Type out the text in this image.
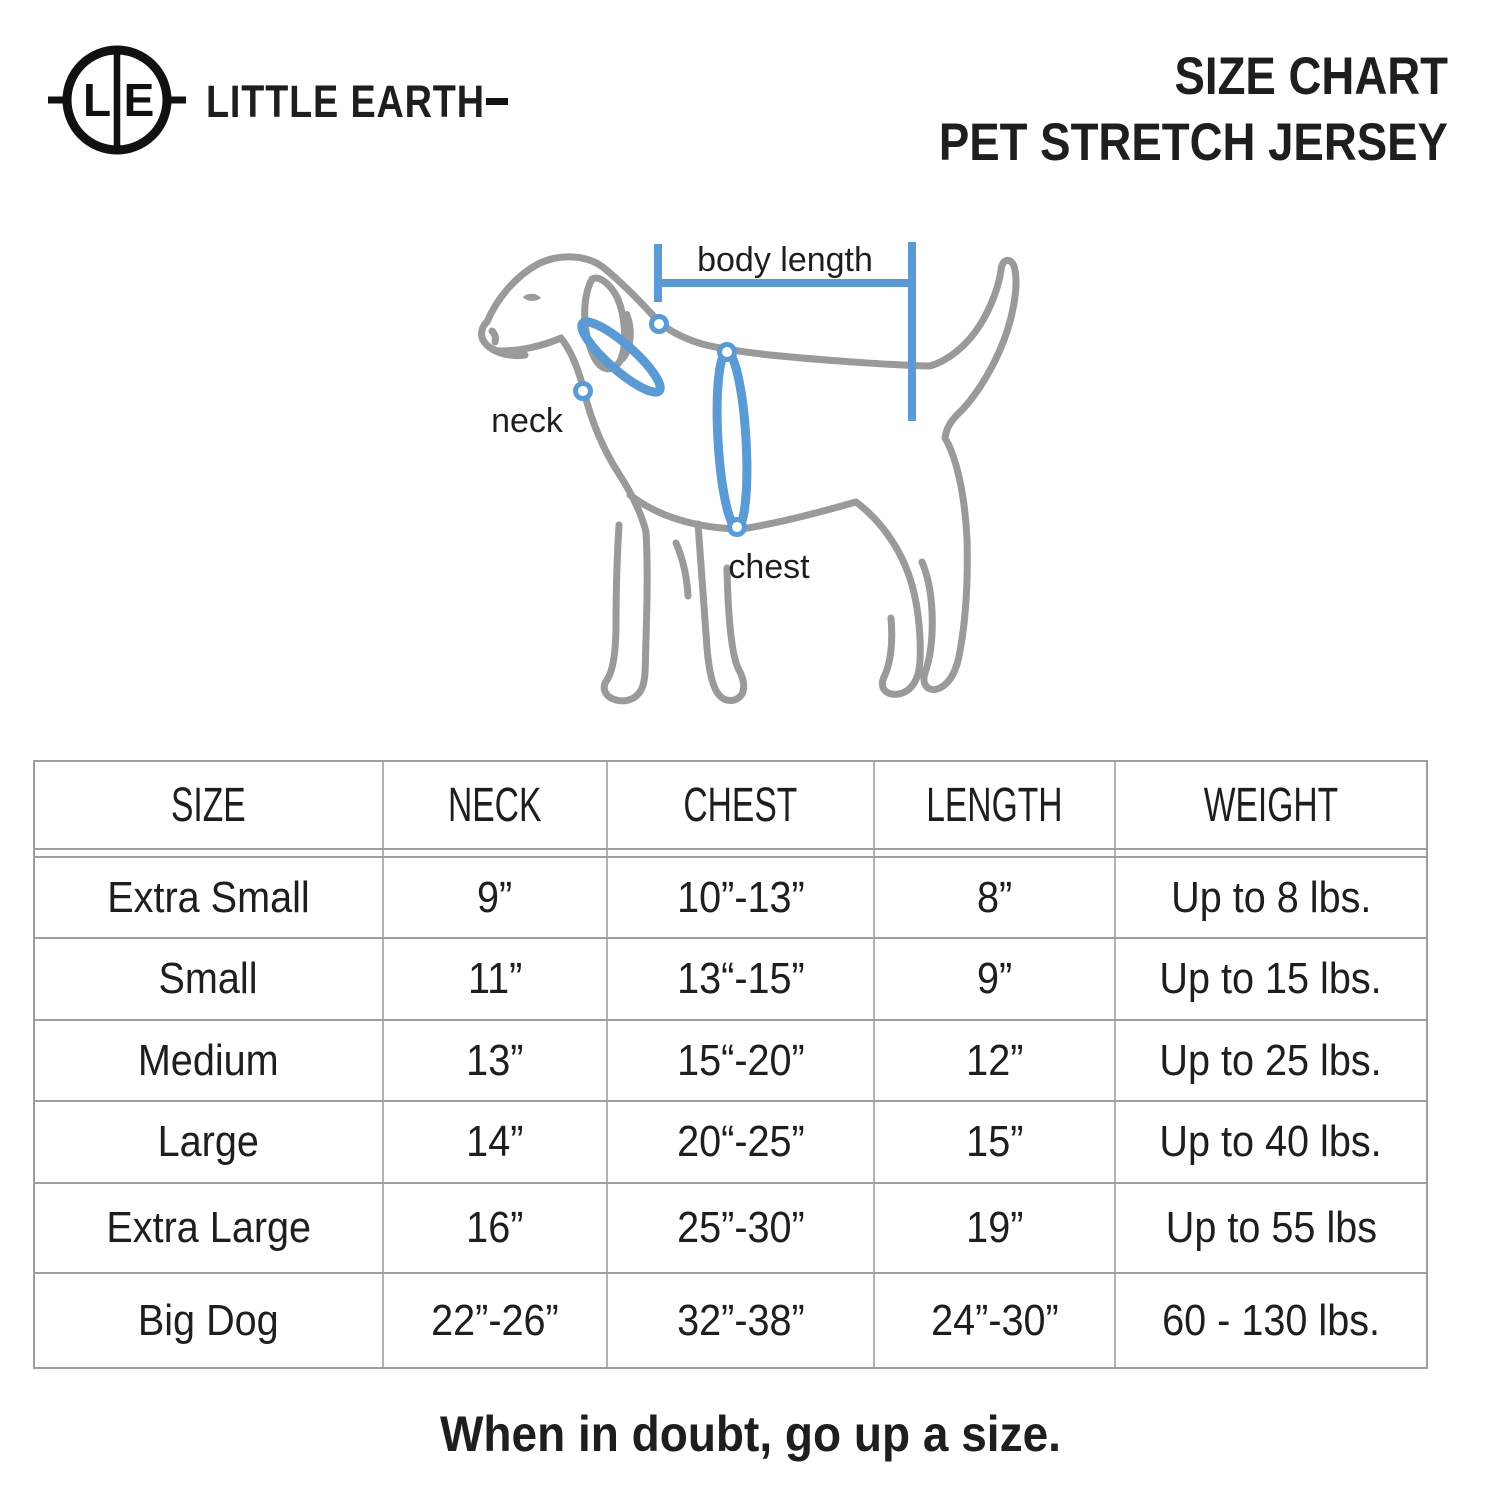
L E LITTLE EARTH	SIZE CHART
PET STRETCH JERSEY
body length
neck
chest
SIZE	NECK	CHEST	LENGTH	WEIGHT
Extra Small	9”	10”-13”	8”	Up to 8 lbs.
Small	11”	13“-15”	9”	Up to 15 lbs.
Medium	13”	15“-20”	12”	Up to 25 lbs.
Large	14”	20“-25”	15”	Up to 40 lbs.
Extra Large	16”	25”-30”	19”	Up to 55 lbs
Big Dog	22”-26”	32”-38”	24”-30” 60 - 130 lbs.
When in doubt, go up a size.
